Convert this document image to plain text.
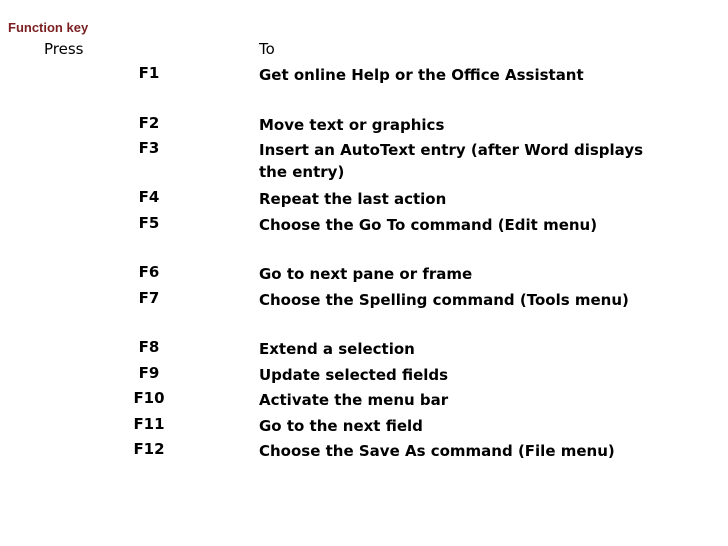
Function key
Press	To
F1	Get online Help or the Office Assistant
F2	Move text or graphics
F3	Insert an AutoText entry (after Word displays the entry)
F4	Repeat the last action
F5	Choose the Go To command (Edit menu)
F6	Go to next pane or frame
F7	Choose the Spelling command (Tools menu)
F8	Extend a selection
F9	Update selected fields
F10	Activate the menu bar
F11	Go to the next field
F12	Choose the Save As command (File menu)
